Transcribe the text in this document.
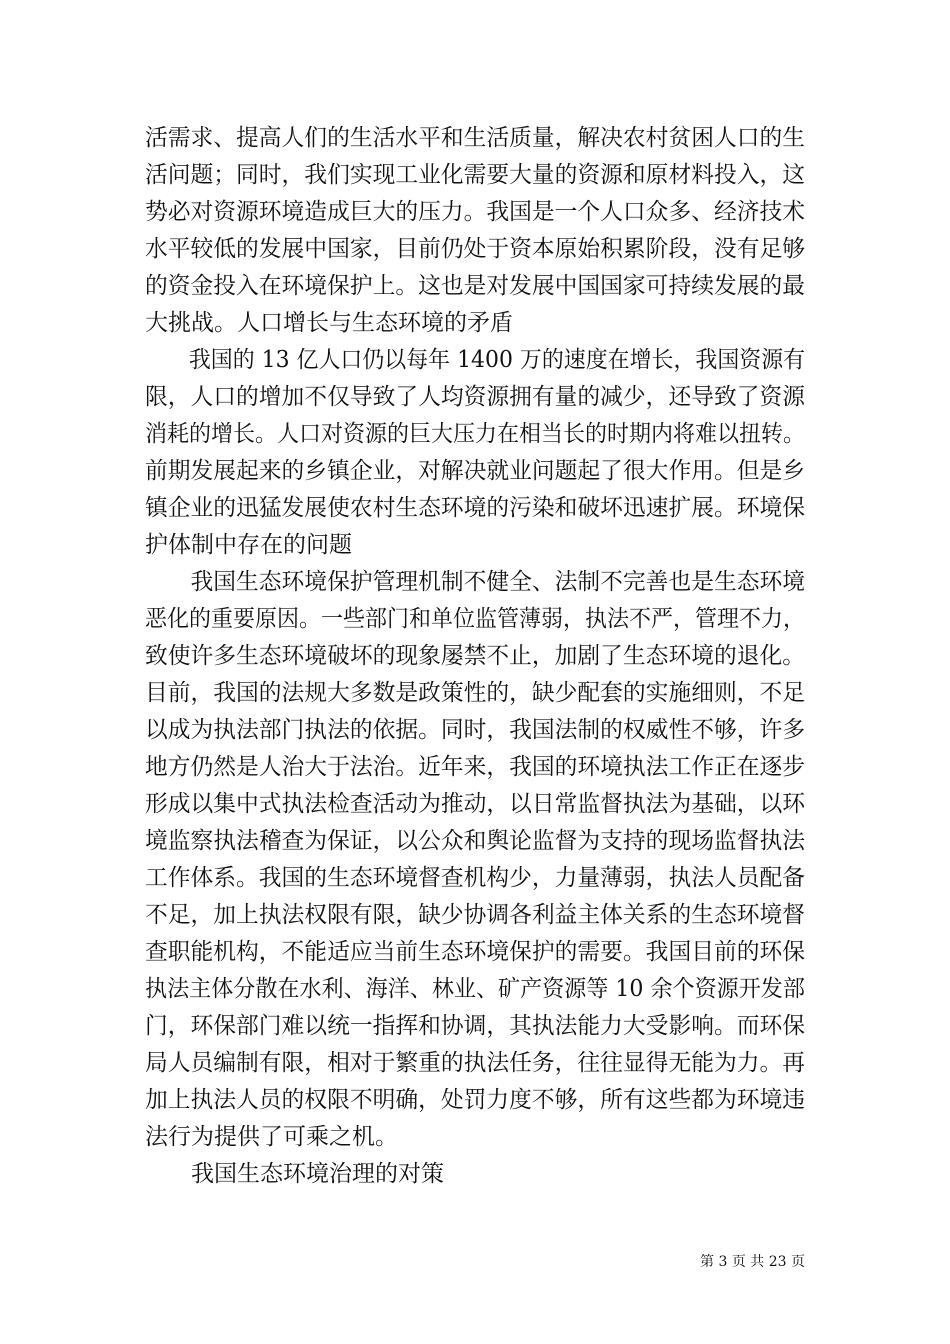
活需求、提高人们的生活水平和生活质量，解决农村贫困人口的生
活问题；同时，我们实现工业化需要大量的资源和原材料投入，这
势必对资源环境造成巨大的压力。我国是一个人口众多、经济技术
水平较低的发展中国家，目前仍处于资本原始积累阶段，没有足够
的资金投入在环境保护上。这也是对发展中国国家可持续发展的最
大挑战。人口增长与生态环境的矛盾
　　我国的 13 亿人口仍以每年 1400 万的速度在增长，我国资源有
限，人口的增加不仅导致了人均资源拥有量的减少，还导致了资源
消耗的增长。人口对资源的巨大压力在相当长的时期内将难以扭转。
前期发展起来的乡镇企业，对解决就业问题起了很大作用。但是乡
镇企业的迅猛发展使农村生态环境的污染和破坏迅速扩展。环境保
护体制中存在的问题
　　我国生态环境保护管理机制不健全、法制不完善也是生态环境
恶化的重要原因。一些部门和单位监管薄弱，执法不严，管理不力，
致使许多生态环境破坏的现象屡禁不止，加剧了生态环境的退化。
目前，我国的法规大多数是政策性的，缺少配套的实施细则，不足
以成为执法部门执法的依据。同时，我国法制的权威性不够，许多
地方仍然是人治大于法治。近年来，我国的环境执法工作正在逐步
形成以集中式执法检查活动为推动，以日常监督执法为基础，以环
境监察执法稽查为保证，以公众和舆论监督为支持的现场监督执法
工作体系。我国的生态环境督查机构少，力量薄弱，执法人员配备
不足，加上执法权限有限，缺少协调各利益主体关系的生态环境督
查职能机构，不能适应当前生态环境保护的需要。我国目前的环保
执法主体分散在水利、海洋、林业、矿产资源等 10 余个资源开发部
门，环保部门难以统一指挥和协调，其执法能力大受影响。而环保
局人员编制有限，相对于繁重的执法任务，往往显得无能为力。再
加上执法人员的权限不明确，处罚力度不够，所有这些都为环境违
法行为提供了可乘之机。
　　我国生态环境治理的对策
第 3 页 共 23 页
